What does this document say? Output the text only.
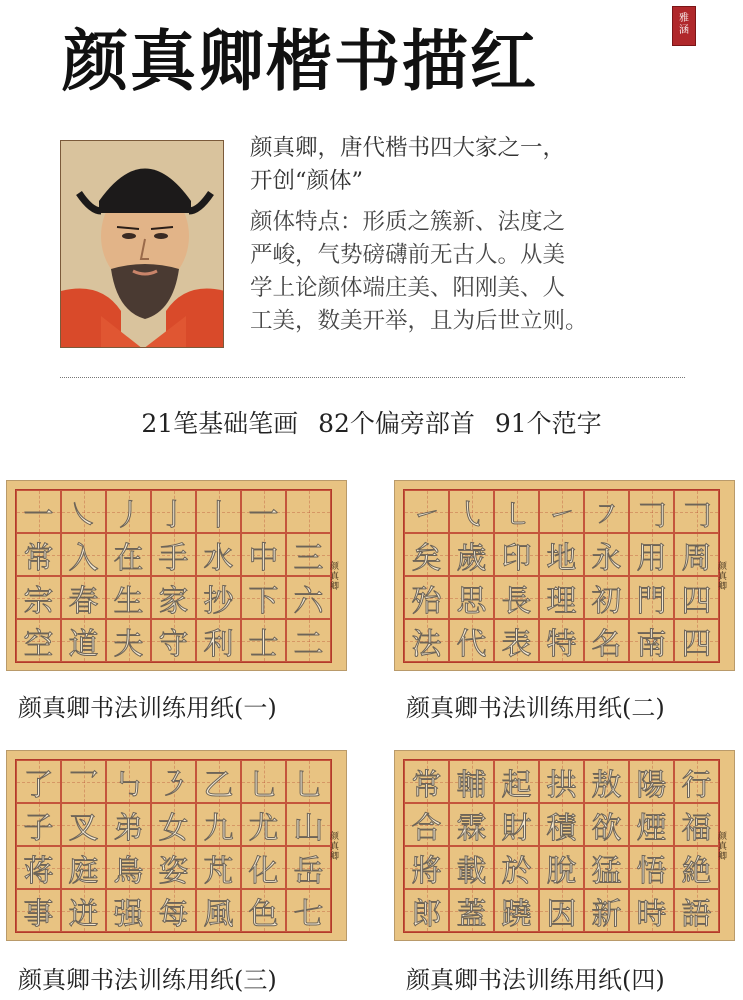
颜真卿楷书描红
雅
涵

颜真卿，唐代楷书四大家之一，
开创“颜体”

颜体特点：形质之簇新、法度之
严峻，气势磅礴前无古人。从美
学上论颜体端庄美、阳刚美、人
工美，数美开举，且为后世立则。

21笔基础笔画 82个偏旁部首 91个范字
一 ㇏ 丿 亅 丨 一
常 入 在 手 水 中 三
宗 春 生 家 抄 下 六
空 道 夫 守 利 士 二
颜真卿
颜真卿书法训练用纸(一)
㇀ ㇂ ㇄ ㇀ ㇇ 𠃌 𠃌
矣 歲 印 地 永 用 周
殆 思 長 理 初 門 四
法 代 表 特 名 南 四
颜真卿
颜真卿书法训练用纸(二)
了 乛 ㇉ ㇋ 乙 乚 乚
子 叉 弟 女 九 尤 山
蒋 庭 鳥 姿 芃 化 岳
事 迸 强 每 風 色 七
颜真卿
颜真卿书法训练用纸(三)
常 輔 起 拱 敖 陽 行
合 霖 財 積 欲 煙 福
將 載 於 脫 猛 悟 絶
郎 蓋 蹺 因 新 時 語
颜真卿
颜真卿书法训练用纸(四)
